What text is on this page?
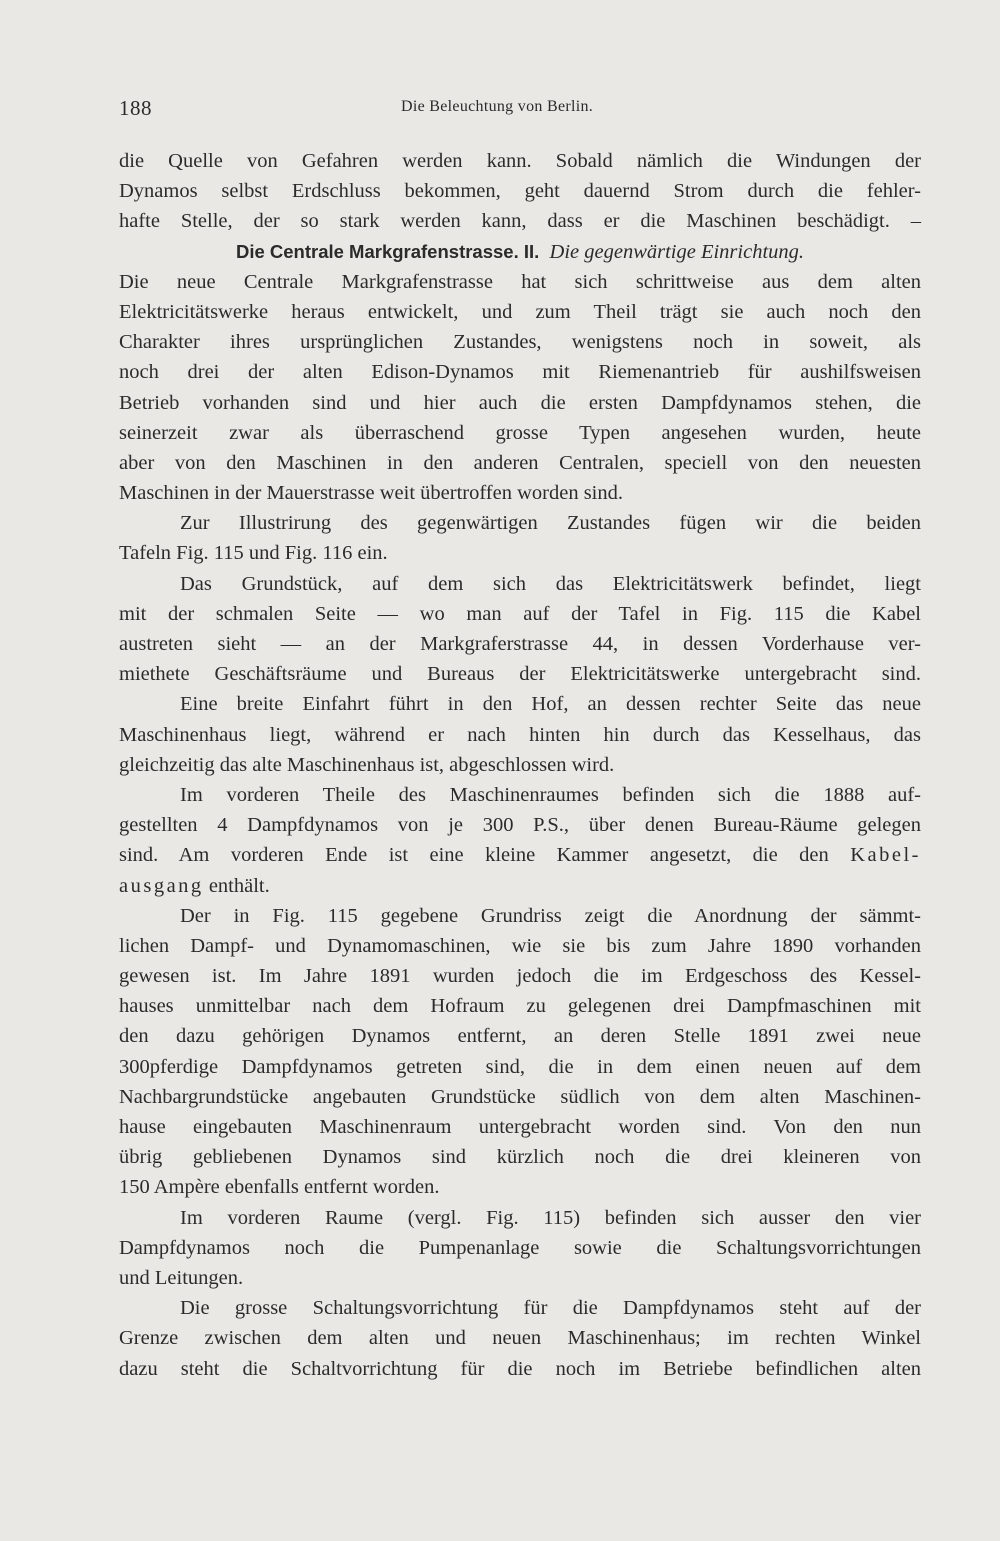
188	Die Beleuchtung von Berlin.
die Quelle von Gefahren werden kann. Sobald nämlich die Windungen der
Dynamos selbst Erdschluss bekommen, geht dauernd Strom durch die fehler-
hafte Stelle, der so stark werden kann, dass er die Maschinen beschädigt. –
Die Centrale Markgrafenstrasse. II. Die gegenwärtige Einrichtung.
Die neue Centrale Markgrafenstrasse hat sich schrittweise aus dem alten
Elektricitätswerke heraus entwickelt, und zum Theil trägt sie auch noch den
Charakter ihres ursprünglichen Zustandes, wenigstens noch in soweit, als
noch drei der alten Edison-Dynamos mit Riemenantrieb für aushilfsweisen
Betrieb vorhanden sind und hier auch die ersten Dampfdynamos stehen, die
seinerzeit zwar als überraschend grosse Typen angesehen wurden, heute
aber von den Maschinen in den anderen Centralen, speciell von den neuesten
Maschinen in der Mauerstrasse weit übertroffen worden sind.
Zur Illustrirung des gegenwärtigen Zustandes fügen wir die beiden
Tafeln Fig. 115 und Fig. 116 ein.
Das Grundstück, auf dem sich das Elektricitätswerk befindet, liegt
mit der schmalen Seite — wo man auf der Tafel in Fig. 115 die Kabel
austreten sieht — an der Markgraferstrasse 44, in dessen Vorderhause ver-
miethete Geschäftsräume und Bureaus der Elektricitätswerke untergebracht sind.
Eine breite Einfahrt führt in den Hof, an dessen rechter Seite das neue
Maschinenhaus liegt, während er nach hinten hin durch das Kesselhaus, das
gleichzeitig das alte Maschinenhaus ist, abgeschlossen wird.
Im vorderen Theile des Maschinenraumes befinden sich die 1888 auf-
gestellten 4 Dampfdynamos von je 300 P.S., über denen Bureau-Räume gelegen
sind. Am vorderen Ende ist eine kleine Kammer angesetzt, die den Kabel-
ausgang enthält.
Der in Fig. 115 gegebene Grundriss zeigt die Anordnung der sämmt-
lichen Dampf- und Dynamomaschinen, wie sie bis zum Jahre 1890 vorhanden
gewesen ist. Im Jahre 1891 wurden jedoch die im Erdgeschoss des Kessel-
hauses unmittelbar nach dem Hofraum zu gelegenen drei Dampfmaschinen mit
den dazu gehörigen Dynamos entfernt, an deren Stelle 1891 zwei neue
300pferdige Dampfdynamos getreten sind, die in dem einen neuen auf dem
Nachbargrundstücke angebauten Grundstücke südlich von dem alten Maschinen-
hause eingebauten Maschinenraum untergebracht worden sind. Von den nun
übrig gebliebenen Dynamos sind kürzlich noch die drei kleineren von
150 Ampère ebenfalls entfernt worden.
Im vorderen Raume (vergl. Fig. 115) befinden sich ausser den vier
Dampfdynamos noch die Pumpenanlage sowie die Schaltungsvorrichtungen
und Leitungen.
Die grosse Schaltungsvorrichtung für die Dampfdynamos steht auf der
Grenze zwischen dem alten und neuen Maschinenhaus; im rechten Winkel
dazu steht die Schaltvorrichtung für die noch im Betriebe befindlichen alten
